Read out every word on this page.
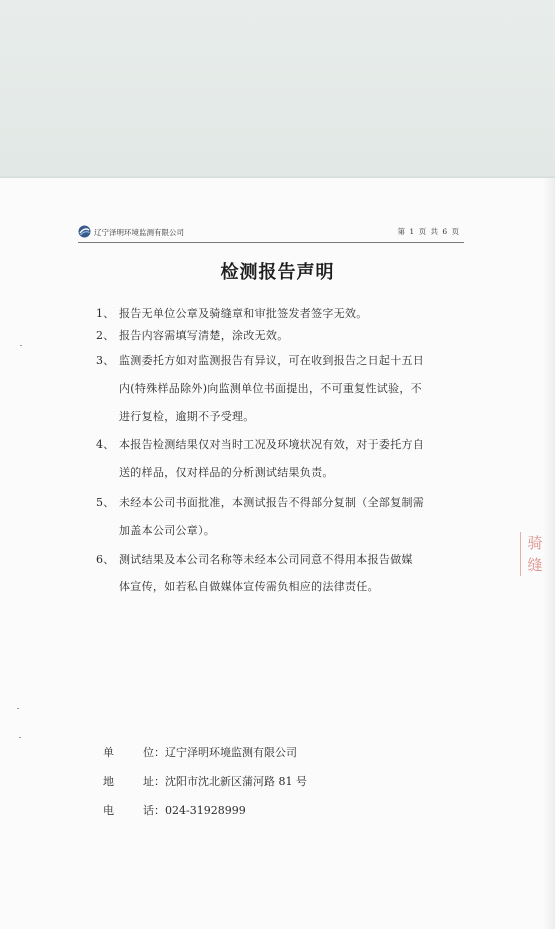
辽宁泽明环境监测有限公司	第 1 页 共 6 页
检测报告声明
1、 报告无单位公章及骑缝章和审批签发者签字无效。
2、 报告内容需填写清楚，涂改无效。
3、 监测委托方如对监测报告有异议，可在收到报告之日起十五日
内(特殊样品除外)向监测单位书面提出，不可重复性试验，不
进行复检，逾期不予受理。
4、 本报告检测结果仅对当时工况及环境状况有效，对于委托方自
送的样品，仅对样品的分析测试结果负责。
5、 未经本公司书面批准，本测试报告不得部分复制（全部复制需
加盖本公司公章）。
6、 测试结果及本公司名称等未经本公司同意不得用本报告做媒
体宣传，如若私自做媒体宣传需负相应的法律责任。
骑
缝
单	位：辽宁泽明环境监测有限公司
地	址：沈阳市沈北新区蒲河路 81 号
电	话：024-31928999
